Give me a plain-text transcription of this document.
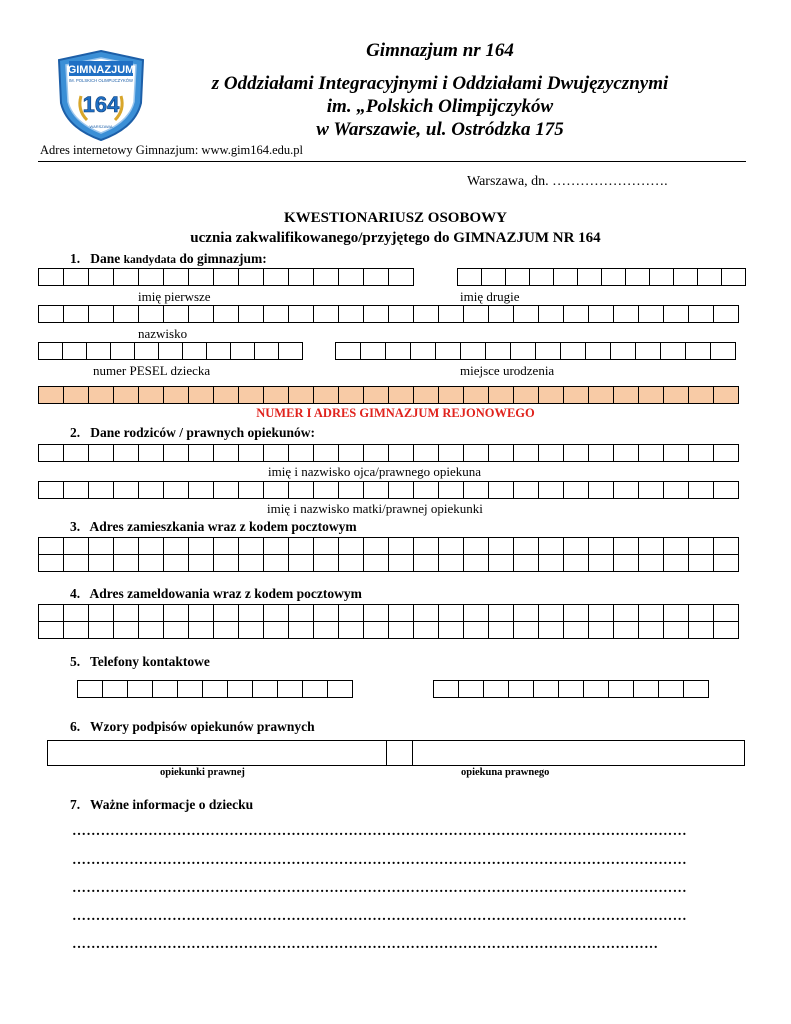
GIMNAZJUM
IM. POLSKICH OLIMPIJCZYKÓW
164
WARSZAWA
Gimnazjum nr 164
z Oddziałami Integracyjnymi i Oddziałami Dwujęzycznymi
im. „Polskich Olimpijczyków
w Warszawie, ul. Ostródzka 175
Adres internetowy Gimnazjum: www.gim164.edu.pl
Warszawa, dn. …………………….
KWESTIONARIUSZ OSOBOWY
ucznia zakwalifikowanego/przyjętego do GIMNAZJUM NR 164
1. Dane kandydata do gimnazjum:
imię pierwsze	imię drugie
nazwisko
numer PESEL dziecka	miejsce urodzenia
NUMER I ADRES GIMNAZJUM REJONOWEGO
2. Dane rodziców / prawnych opiekunów:
imię i nazwisko ojca/prawnego opiekuna
imię i nazwisko matki/prawnej opiekunki
3. Adres zamieszkania wraz z kodem pocztowym
4. Adres zameldowania wraz z kodem pocztowym
5. Telefony kontaktowe
6. Wzory podpisów opiekunów prawnych
opiekunki prawnej	opiekuna prawnego
7. Ważne informacje o dziecku
…………………………………………………………………………………………………………………
…………………………………………………………………………………………………………………
…………………………………………………………………………………………………………………
…………………………………………………………………………………………………………………
……………………………………………………………………………………………………………
